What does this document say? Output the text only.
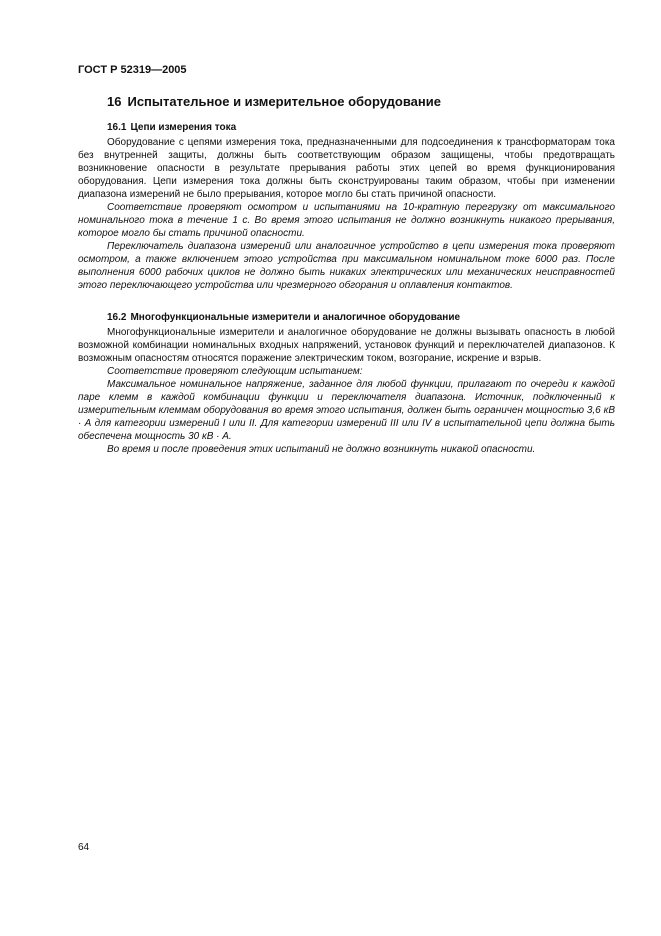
ГОСТ Р 52319—2005
16 Испытательное и измерительное оборудование
16.1 Цепи измерения тока

Оборудование с цепями измерения тока, предназначенными для подсоединения к трансформаторам тока без внутренней защиты, должны быть соответствующим образом защищены, чтобы предотвращать возникновение опасности в результате прерывания работы этих цепей во время функционирования оборудования. Цепи измерения тока должны быть сконструированы таким образом, чтобы при изменении диапазона измерений не было прерывания, которое могло бы стать причиной опасности.

Соответствие проверяют осмотром и испытаниями на 10-кратную перегрузку от максимального номинального тока в течение 1 с. Во время этого испытания не должно возникнуть никакого прерывания, которое могло бы стать причиной опасности.

Переключатель диапазона измерений или аналогичное устройство в цепи измерения тока проверяют осмотром, а также включением этого устройства при максимальном номинальном токе 6000 раз. После выполнения 6000 рабочих циклов не должно быть никаких электрических или механических неисправностей этого переключающего устройства или чрезмерного обгорания и оплавления контактов.

16.2 Многофункциональные измерители и аналогичное оборудование

Многофункциональные измерители и аналогичное оборудование не должны вызывать опасность в любой возможной комбинации номинальных входных напряжений, установок функций и переключателей диапазонов. К возможным опасностям относятся поражение электрическим током, возгорание, искрение и взрыв.

Соответствие проверяют следующим испытанием:

Максимальное номинальное напряжение, заданное для любой функции, прилагают по очереди к каждой паре клемм в каждой комбинации функции и переключателя диапазона. Источник, подключенный к измерительным клеммам оборудования во время этого испытания, должен быть ограничен мощностью 3,6 кВ · А для категории измерений I или II. Для категории измерений III или IV в испытательной цепи должна быть обеспечена мощность 30 кВ · А.

Во время и после проведения этих испытаний не должно возникнуть никакой опасности.

64
